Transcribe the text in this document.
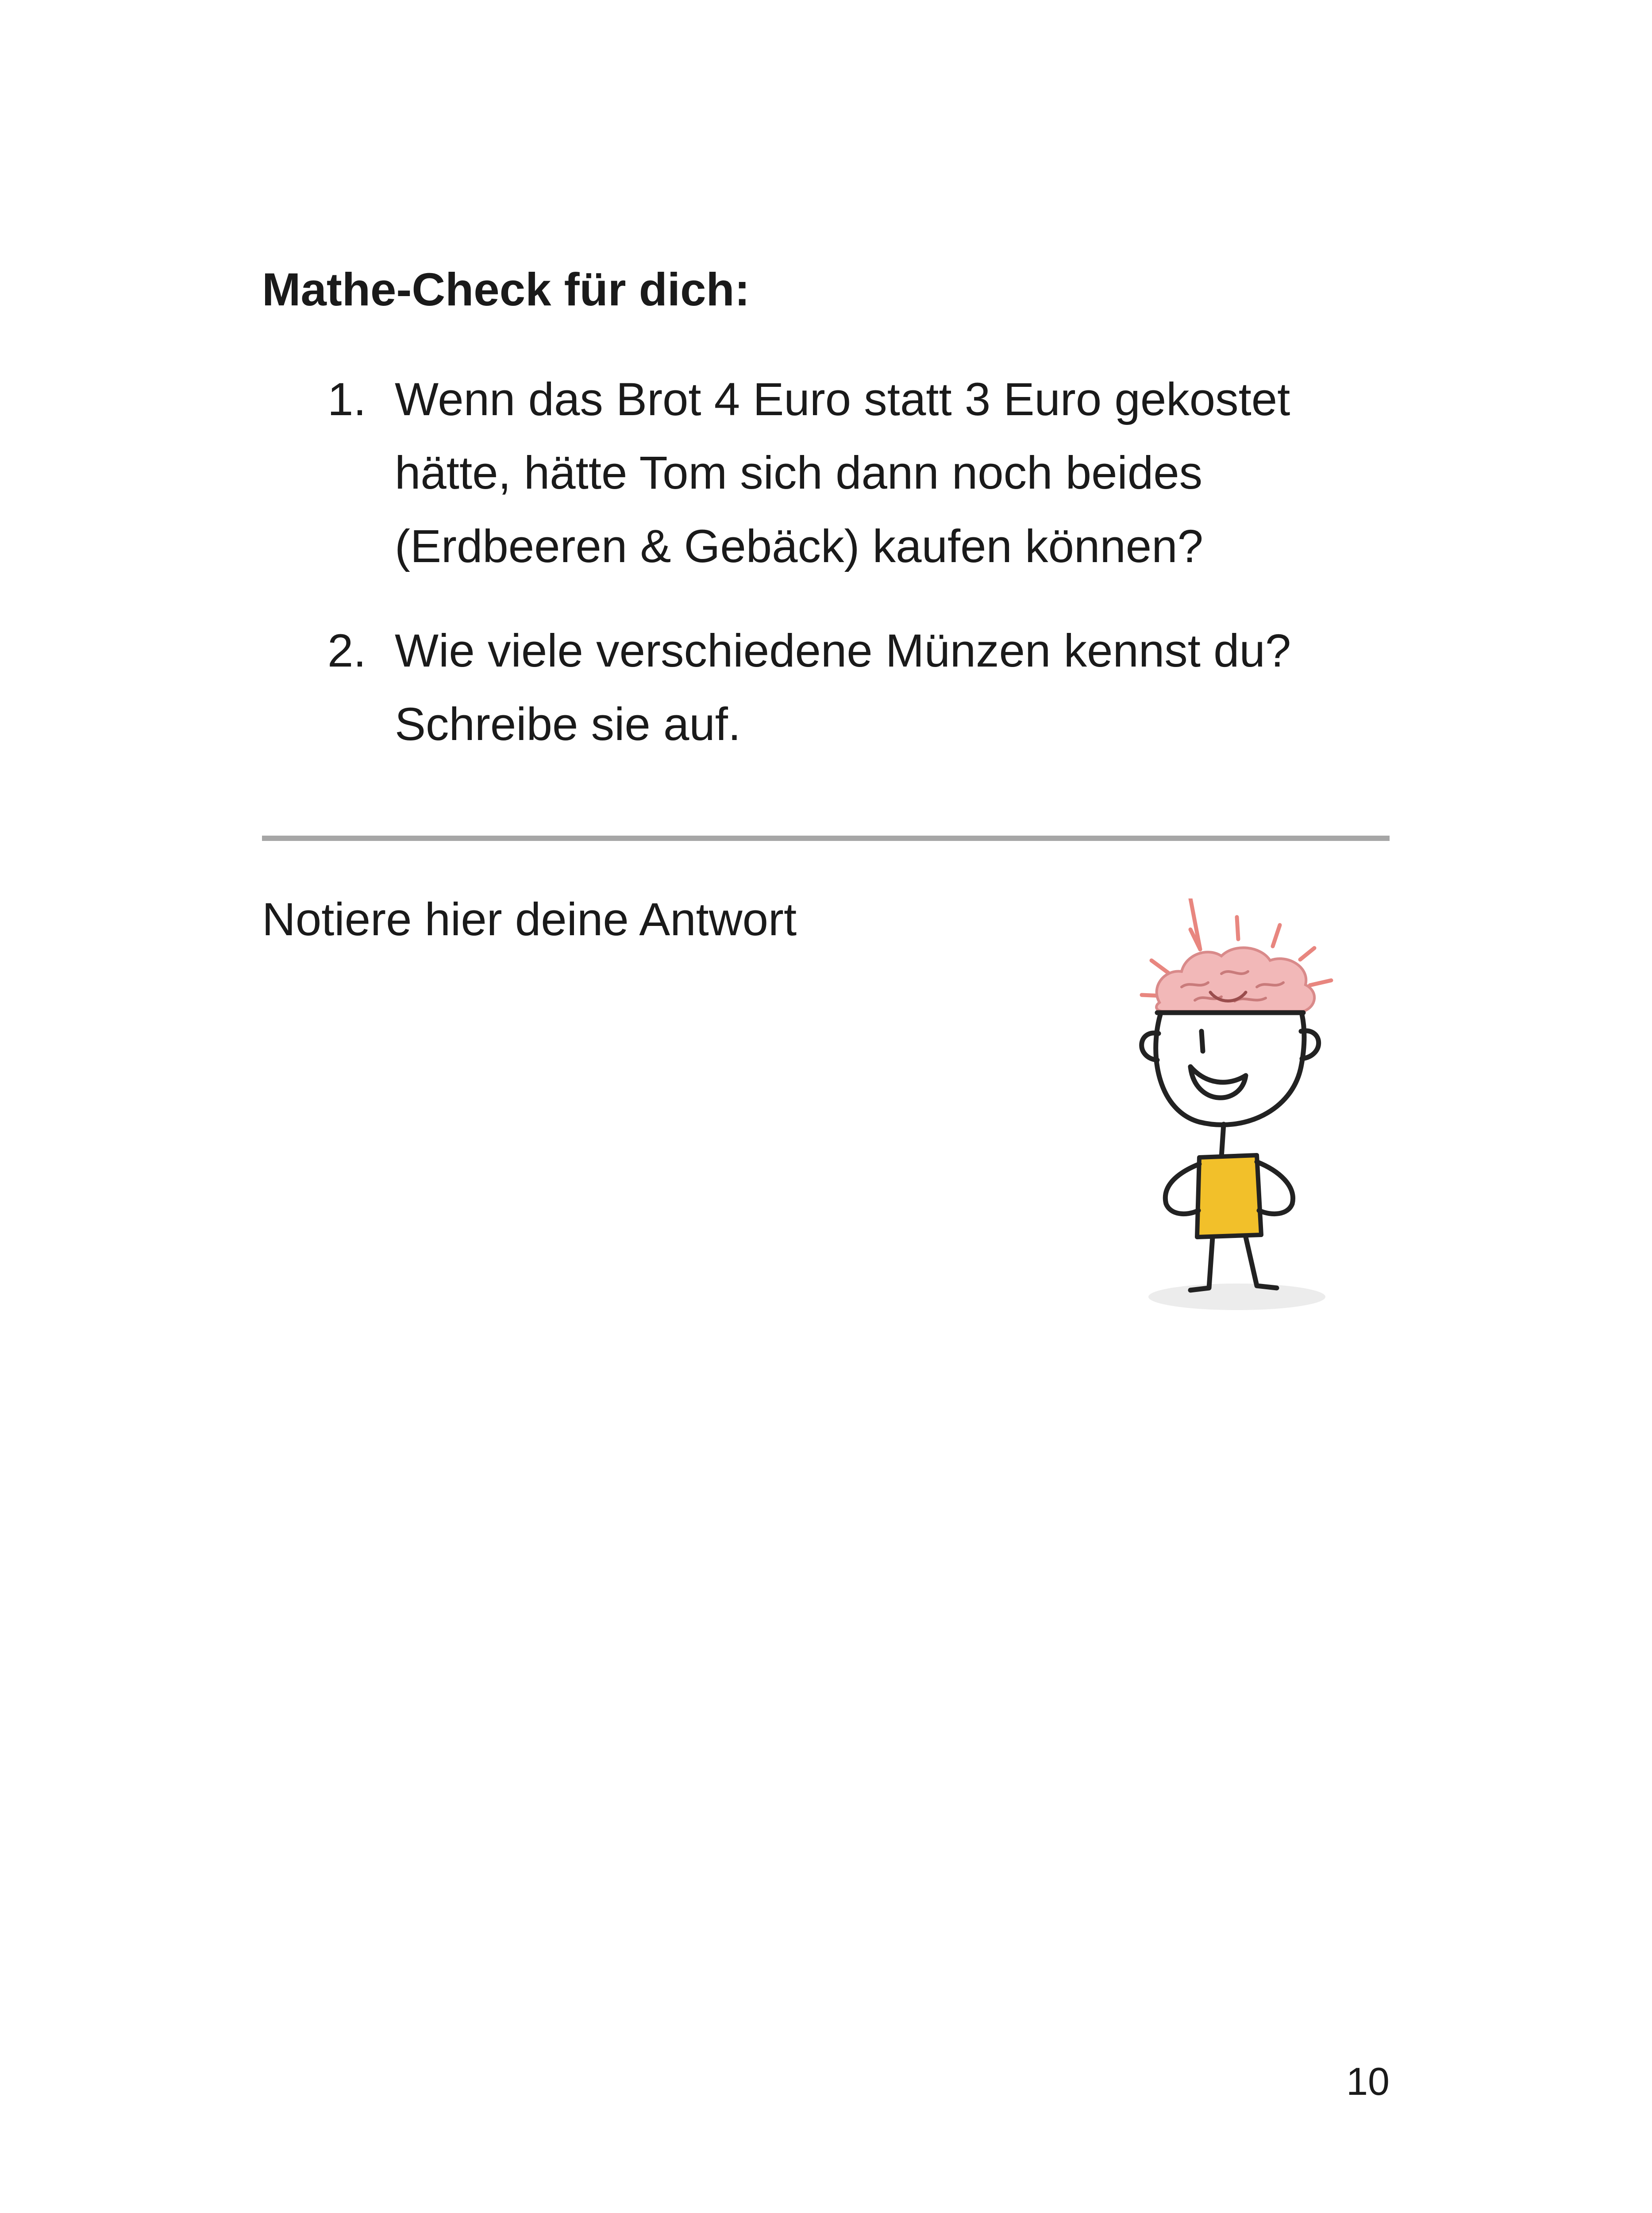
Mathe-Check für dich:
1. Wenn das Brot 4 Euro statt 3 Euro gekostet
hätte, hätte Tom sich dann noch beides
(Erdbeeren & Gebäck) kaufen können?
2. Wie viele verschiedene Münzen kennst du?
Schreibe sie auf.

Notiere hier deine Antwort

10
